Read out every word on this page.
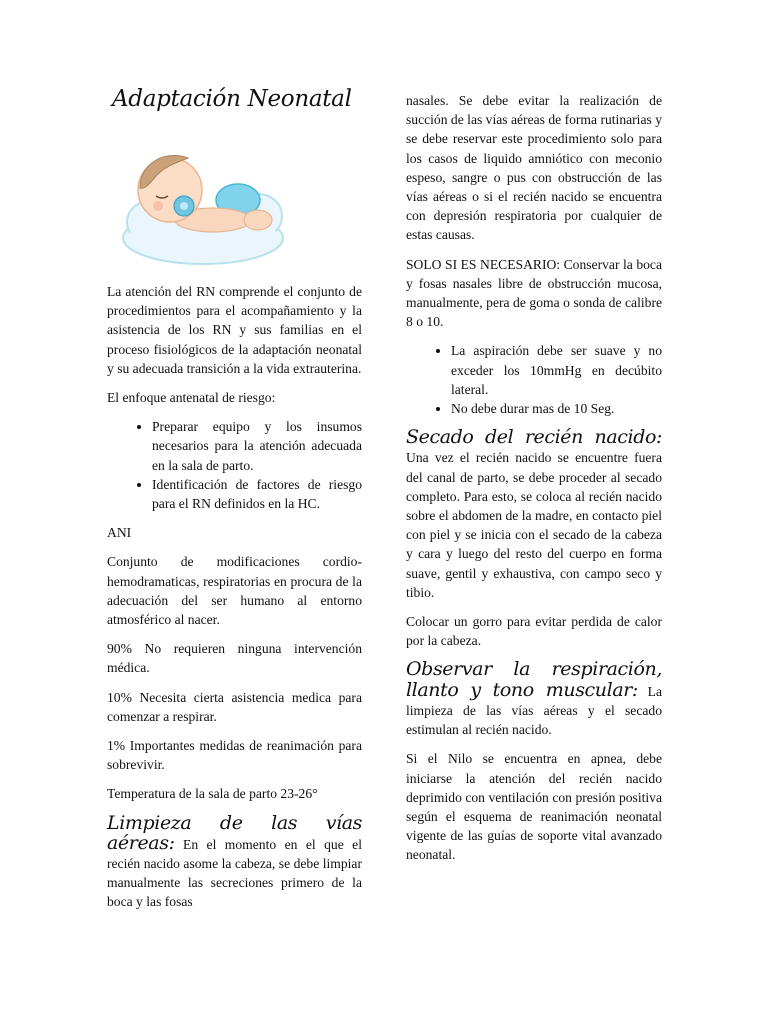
Adaptación Neonatal

La atención del RN comprende el conjunto de procedimientos para el acompañamiento y la asistencia de los RN y sus familias en el proceso fisiológicos de la adaptación neonatal y su adecuada transición a la vida extrauterina.

El enfoque antenatal de riesgo:

• Preparar equipo y los insumos necesarios para la atención adecuada en la sala de parto.
• Identificación de factores de riesgo para el RN definidos en la HC.

ANI

Conjunto de modificaciones cordio-hemodramaticas, respiratorias en procura de la adecuación del ser humano al entorno atmosférico al nacer.

90% No requieren ninguna intervención médica.

10% Necesita cierta asistencia medica para comenzar a respirar.

1% Importantes medidas de reanimación para sobrevivir.

Temperatura de la sala de parto 23-26°

Limpieza de las vías aéreas: En el momento en el que el recién nacido asome la cabeza, se debe limpiar manualmente las secreciones primero de la boca y las fosas

nasales. Se debe evitar la realización de succión de las vías aéreas de forma rutinarias y se debe reservar este procedimiento solo para los casos de liquido amniótico con meconio espeso, sangre o pus con obstrucción de las vías aéreas o si el recién nacido se encuentra con depresión respiratoria por cualquier de estas causas.

SOLO SI ES NECESARIO: Conservar la boca y fosas nasales libre de obstrucción mucosa, manualmente, pera de goma o sonda de calibre 8 o 10.

• La aspiración debe ser suave y no exceder los 10mmHg en decúbito lateral.
• No debe durar mas de 10 Seg.

Secado del recién nacido: Una vez el recién nacido se encuentre fuera del canal de parto, se debe proceder al secado completo. Para esto, se coloca al recién nacido sobre el abdomen de la madre, en contacto piel con piel y se inicia con el secado de la cabeza y cara y luego del resto del cuerpo en forma suave, gentil y exhaustiva, con campo seco y tibio.

Colocar un gorro para evitar perdida de calor por la cabeza.

Observar la respiración, llanto y tono muscular: La limpieza de las vías aéreas y el secado estimulan al recién nacido.

Si el Nilo se encuentra en apnea, debe iniciarse la atención del recién nacido deprimido con ventilación con presión positiva según el esquema de reanimación neonatal vigente de las guías de soporte vital avanzado neonatal.
